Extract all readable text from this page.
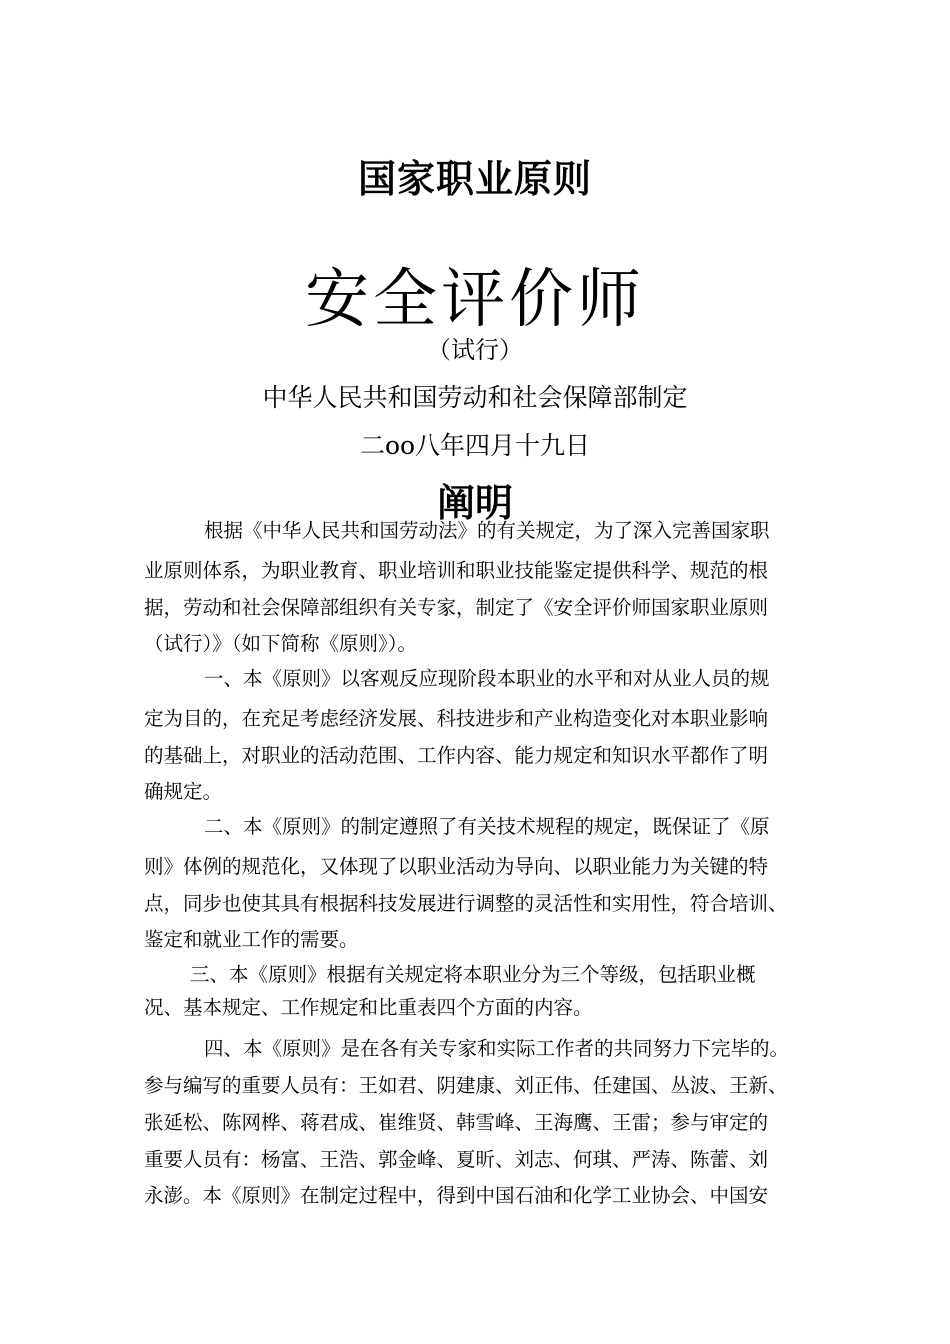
国家职业原则
安全评价师
（试行）
中华人民共和国劳动和社会保障部制定
二oo八年四月十九日
阐明
根据《中华人民共和国劳动法》的有关规定，为了深入完善国家职
业原则体系，为职业教育、职业培训和职业技能鉴定提供科学、规范的根
据，劳动和社会保障部组织有关专家，制定了《安全评价师国家职业原则
（试行）》（如下简称《原则》）。
一、本《原则》以客观反应现阶段本职业的水平和对从业人员的规
定为目的，在充足考虑经济发展、科技进步和产业构造变化对本职业影响
的基础上，对职业的活动范围、工作内容、能力规定和知识水平都作了明
确规定。
二、本《原则》的制定遵照了有关技术规程的规定，既保证了《原
则》体例的规范化，又体现了以职业活动为导向、以职业能力为关键的特
点，同步也使其具有根据科技发展进行调整的灵活性和实用性，符合培训、
鉴定和就业工作的需要。
三、本《原则》根据有关规定将本职业分为三个等级，包括职业概
况、基本规定、工作规定和比重表四个方面的内容。
四、本《原则》是在各有关专家和实际工作者的共同努力下完毕的。
参与编写的重要人员有：王如君、阴建康、刘正伟、任建国、丛波、王新、
张延松、陈网桦、蒋君成、崔维贤、韩雪峰、王海鹰、王雷；参与审定的
重要人员有：杨富、王浩、郭金峰、夏昕、刘志、何琪、严涛、陈蕾、刘
永澎。本《原则》在制定过程中，得到中国石油和化学工业协会、中国安
